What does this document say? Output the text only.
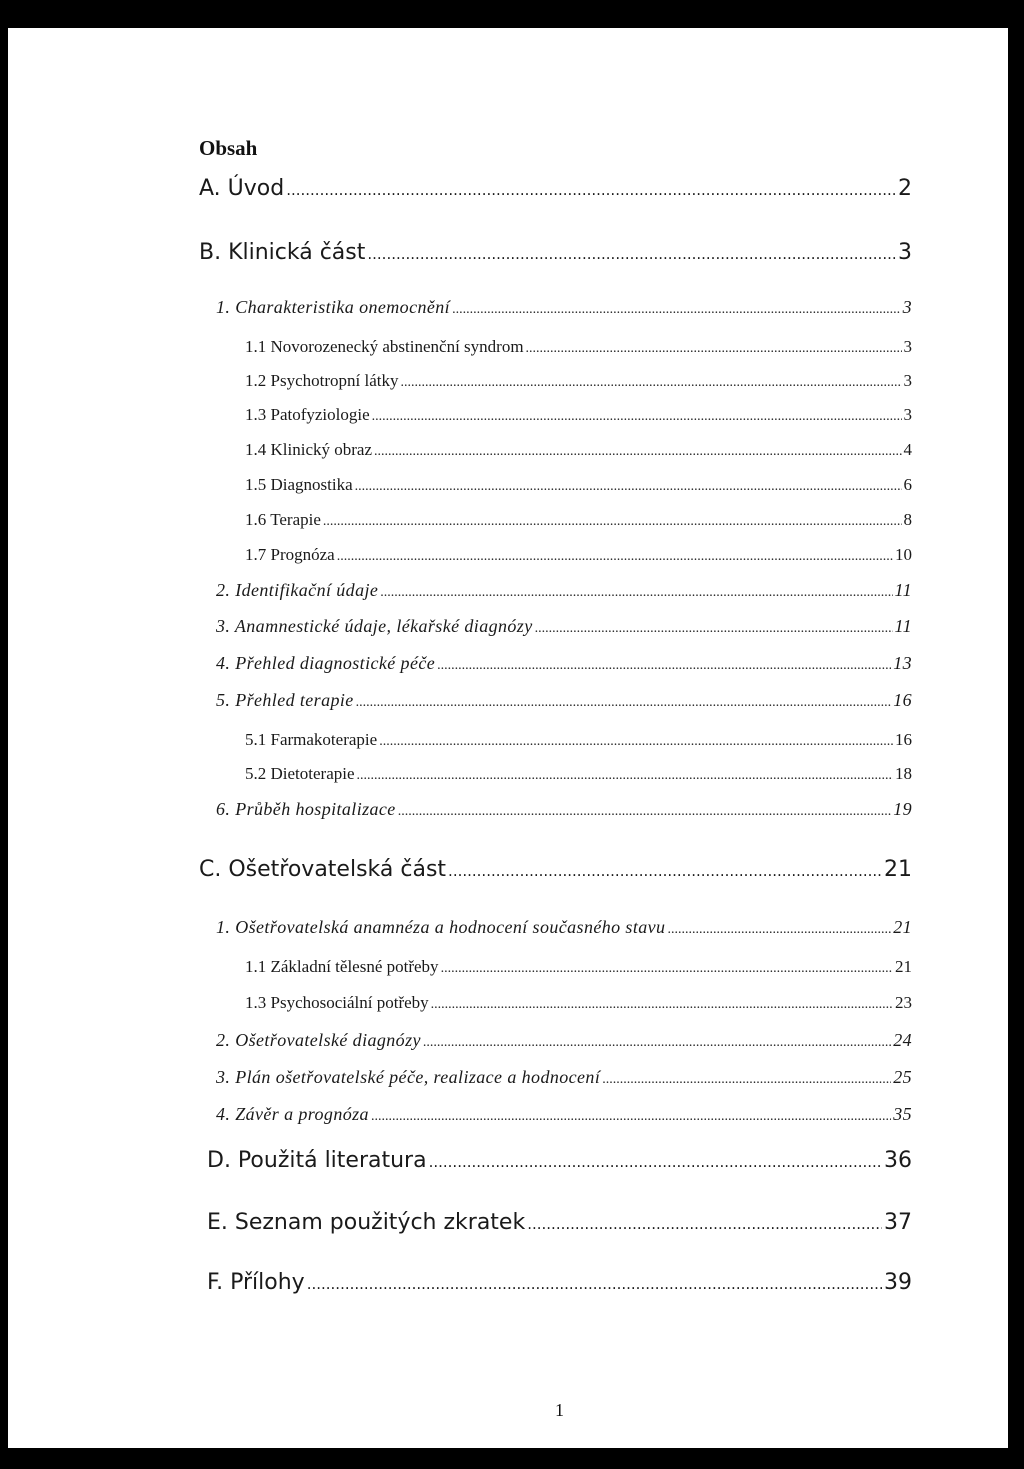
Obsah
A. Úvod .....	2
B. Klinická část .....	3
1. Charakteristika onemocnění .....	3
1.1 Novorozenecký abstinenční syndrom .....	3
1.2 Psychotropní látky .....	3
1.3 Patofyziologie .....	3
1.4 Klinický obraz .....	4
1.5 Diagnostika .....	6
1.6 Terapie .....	8
1.7 Prognóza .....	10
2. Identifikační údaje .....	11
3. Anamnestické údaje, lékařské diagnózy .....	11
4. Přehled diagnostické péče .....	13
5. Přehled terapie .....	16
5.1 Farmakoterapie .....	16
5.2 Dietoterapie .....	18
6. Průběh hospitalizace .....	19
C. Ošetřovatelská část .....	21
1. Ošetřovatelská anamnéza a hodnocení současného stavu .....	21
1.1 Základní tělesné potřeby .....	21
1.3 Psychosociální potřeby .....	23
2. Ošetřovatelské diagnózy .....	24
3. Plán ošetřovatelské péče, realizace a hodnocení .....	25
4. Závěr a prognóza .....	35
D. Použitá literatura .....	36
E. Seznam použitých zkratek .....	37
F. Přílohy .....	39
1
